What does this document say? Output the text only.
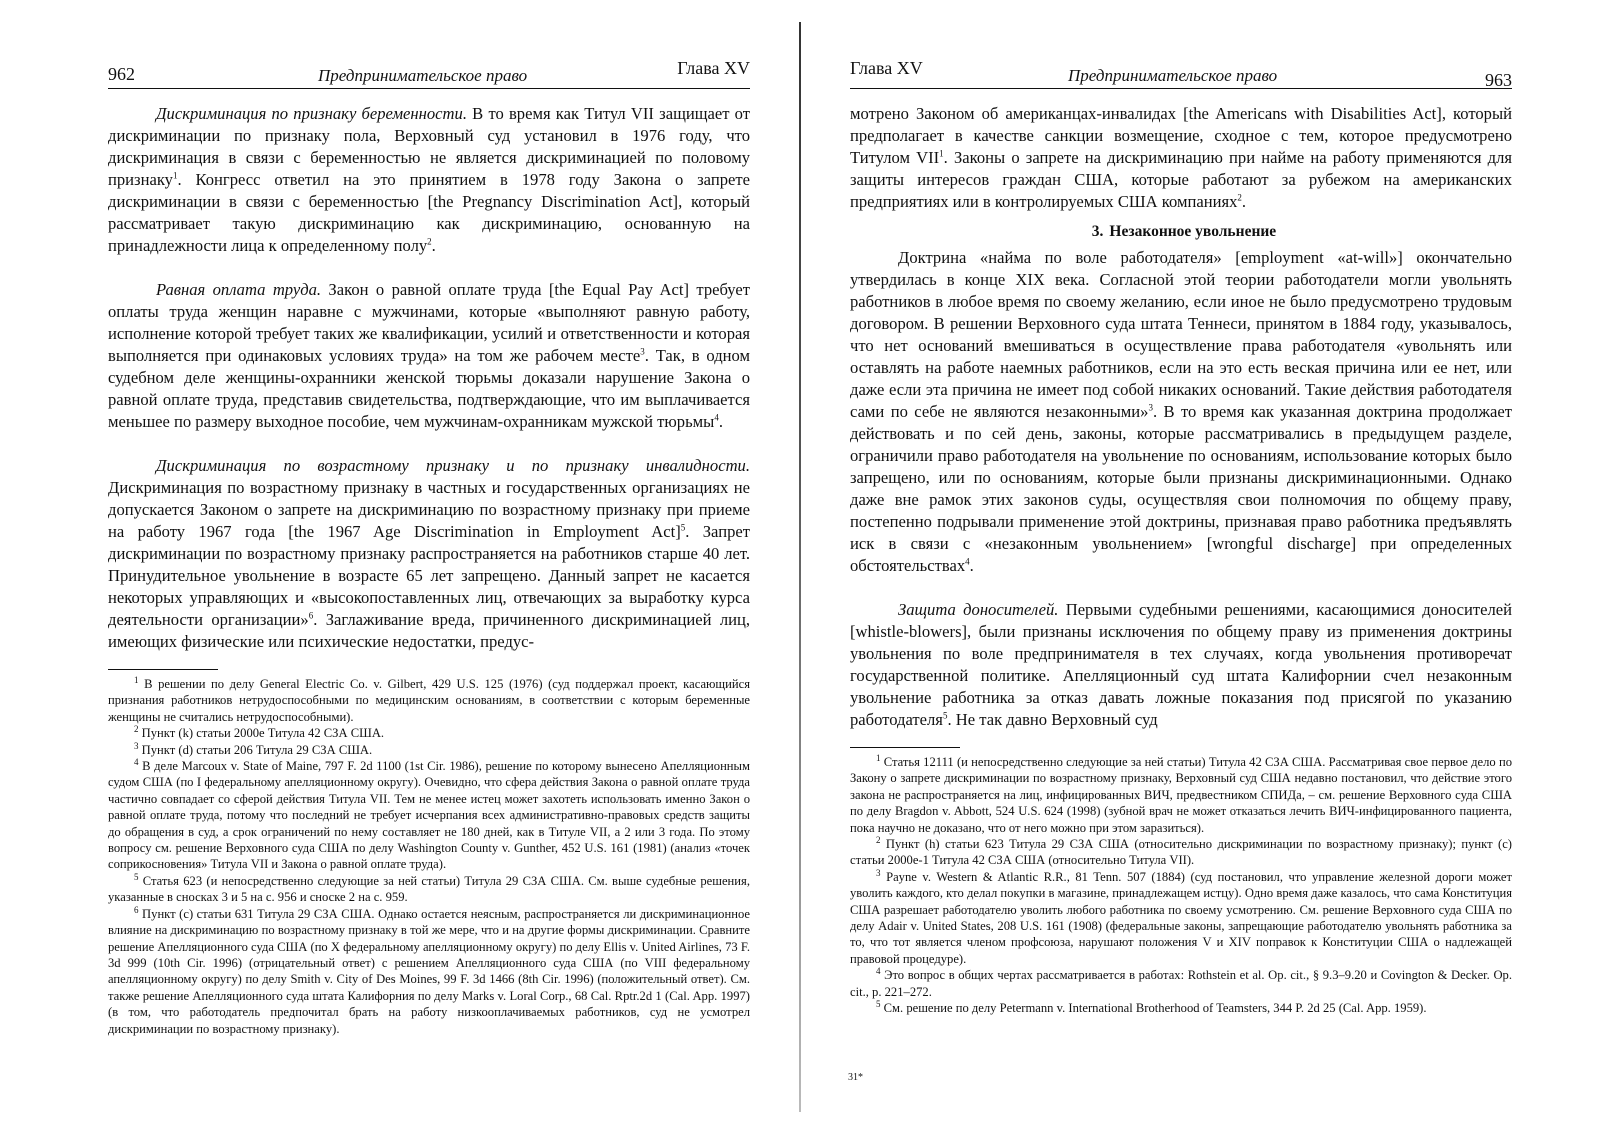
962	Предпринимательское право	Глава XV

Дискриминация по признаку беременности. В то время как Титул VII защищает от дискриминации по признаку пола, Верховный суд установил в 1976 году, что дискриминация в связи с беременностью не является дискриминацией по половому признаку$^1$. Конгресс ответил на это принятием в 1978 году Закона о запрете дискриминации в связи с беременностью [the Pregnancy Discrimination Act], который рассматривает такую дискриминацию как дискриминацию, основанную на принадлежности лица к определенному полу$^2$.

Равная оплата труда. Закон о равной оплате труда [the Equal Pay Act] требует оплаты труда женщин наравне с мужчинами, которые «выполняют равную работу, исполнение которой требует таких же квалификации, усилий и ответственности и которая выполняется при одинаковых условиях труда» на том же рабочем месте$^3$. Так, в одном судебном деле женщины-охранники женской тюрьмы доказали нарушение Закона о равной оплате труда, представив свидетельства, подтверждающие, что им выплачивается меньшее по размеру выходное пособие, чем мужчинам-охранникам мужской тюрьмы$^4$.

Дискриминация по возрастному признаку и по признаку инвалидности. Дискриминация по возрастному признаку в частных и государственных организациях не допускается Законом о запрете на дискриминацию по возрастному признаку при приеме на работу 1967 года [the 1967 Age Discrimination in Employment Act]$^5$. Запрет дискриминации по возрастному признаку распространяется на работников старше 40 лет. Принудительное увольнение в возрасте 65 лет запрещено. Данный запрет не касается некоторых управляющих и «высокопоставленных лиц, отвечающих за выработку курса деятельности организации»$^6$. Заглаживание вреда, причиненного дискриминацией лиц, имеющих физические или психические недостатки, предус-

$^1$ В решении по делу General Electric Co. v. Gilbert, 429 U.S. 125 (1976) (суд поддержал проект, касающийся признания работников нетрудоспособными по медицинским основаниям, в соответствии с которым беременные женщины не считались нетрудоспособными).

$^2$ Пункт (k) статьи 2000e Титула 42 СЗА США.

$^3$ Пункт (d) статьи 206 Титула 29 СЗА США.

$^4$ В деле Marcoux v. State of Maine, 797 F. 2d 1100 (1st Cir. 1986), решение по которому вынесено Апелляционным судом США (по I федеральному апелляционному округу). Очевидно, что сфера действия Закона о равной оплате труда частично совпадает со сферой действия Титула VII. Тем не менее истец может захотеть использовать именно Закон о равной оплате труда, потому что последний не требует исчерпания всех административно-правовых средств защиты до обращения в суд, а срок ограничений по нему составляет не 180 дней, как в Титуле VII, а 2 или 3 года. По этому вопросу см. решение Верховного суда США по делу Washington County v. Gunther, 452 U.S. 161 (1981) (анализ «точек соприкосновения» Титула VII и Закона о равной оплате труда).

$^5$ Статья 623 (и непосредственно следующие за ней статьи) Титула 29 СЗА США. См. выше судебные решения, указанные в сносках 3 и 5 на с. 956 и сноске 2 на с. 959.

$^6$ Пункт (c) статьи 631 Титула 29 СЗА США. Однако остается неясным, распространяется ли дискриминационное влияние на дискриминацию по возрастному признаку в той же мере, что и на другие формы дискриминации. Сравните решение Апелляционного суда США (по X федеральному апелляционному округу) по делу Ellis v. United Airlines, 73 F. 3d 999 (10th Cir. 1996) (отрицательный ответ) с решением Апелляционного суда США (по VIII федеральному апелляционному округу) по делу Smith v. City of Des Moines, 99 F. 3d 1466 (8th Cir. 1996) (положительный ответ). См. также решение Апелляционного суда штата Калифорния по делу Marks v. Loral Corp., 68 Cal. Rptr.2d 1 (Cal. App. 1997) (в том, что работодатель предпочитал брать на работу низкооплачиваемых работников, суд не усмотрел дискриминации по возрастному признаку).

Глава XV	Предпринимательское право	963

мотрено Законом об американцах-инвалидах [the Americans with Disabilities Act], который предполагает в качестве санкции возмещение, сходное с тем, которое предусмотрено Титулом VII$^1$. Законы о запрете на дискриминацию при найме на работу применяются для защиты интересов граждан США, которые работают за рубежом на американских предприятиях или в контролируемых США компаниях$^2$.

3. Незаконное увольнение

Доктрина «найма по воле работодателя» [employment «at-will»] окончательно утвердилась в конце XIX века. Согласной этой теории работодатели могли увольнять работников в любое время по своему желанию, если иное не было предусмотрено трудовым договором. В решении Верховного суда штата Теннеси, принятом в 1884 году, указывалось, что нет оснований вмешиваться в осуществление права работодателя «увольнять или оставлять на работе наемных работников, если на это есть веская причина или ее нет, или даже если эта причина не имеет под собой никаких оснований. Такие действия работодателя сами по себе не являются незаконными»$^3$. В то время как указанная доктрина продолжает действовать и по сей день, законы, которые рассматривались в предыдущем разделе, ограничили право работодателя на увольнение по основаниям, использование которых было запрещено, или по основаниям, которые были признаны дискриминационными. Однако даже вне рамок этих законов суды, осуществляя свои полномочия по общему праву, постепенно подрывали применение этой доктрины, признавая право работника предъявлять иск в связи с «незаконным увольнением» [wrongful discharge] при определенных обстоятельствах$^4$.

Защита доносителей. Первыми судебными решениями, касающимися доносителей [whistle-blowers], были признаны исключения по общему праву из применения доктрины увольнения по воле предпринимателя в тех случаях, когда увольнения противоречат государственной политике. Апелляционный суд штата Калифорнии счел незаконным увольнение работника за отказ давать ложные показания под присягой по указанию работодателя$^5$. Не так давно Верховный суд

$^1$ Статья 12111 (и непосредственно следующие за ней статьи) Титула 42 СЗА США. Рассматривая свое первое дело по Закону о запрете дискриминации по возрастному признаку, Верховный суд США недавно постановил, что действие этого закона не распространяется на лиц, инфицированных ВИЧ, предвестником СПИДа, – см. решение Верховного суда США по делу Bragdon v. Abbott, 524 U.S. 624 (1998) (зубной врач не может отказаться лечить ВИЧ-инфицированного пациента, пока научно не доказано, что от него можно при этом заразиться).

$^2$ Пункт (h) статьи 623 Титула 29 СЗА США (относительно дискриминации по возрастному признаку); пункт (c) статьи 2000e-1 Титула 42 СЗА США (относительно Титула VII).

$^3$ Payne v. Western & Atlantic R.R., 81 Tenn. 507 (1884) (суд постановил, что управление железной дороги может уволить каждого, кто делал покупки в магазине, принадлежащем истцу). Одно время даже казалось, что сама Конституция США разрешает работодателю уволить любого работника по своему усмотрению. См. решение Верховного суда США по делу Adair v. United States, 208 U.S. 161 (1908) (федеральные законы, запрещающие работодателю увольнять работника за то, что тот является членом профсоюза, нарушают положения V и XIV поправок к Конституции США о надлежащей правовой процедуре).

$^4$ Это вопрос в общих чертах рассматривается в работах: Rothstein et al. Op. cit., § 9.3–9.20 и Covington & Decker. Op. cit., p. 221–272.

$^5$ См. решение по делу Petermann v. International Brotherhood of Teamsters, 344 P. 2d 25 (Cal. App. 1959).

31*
